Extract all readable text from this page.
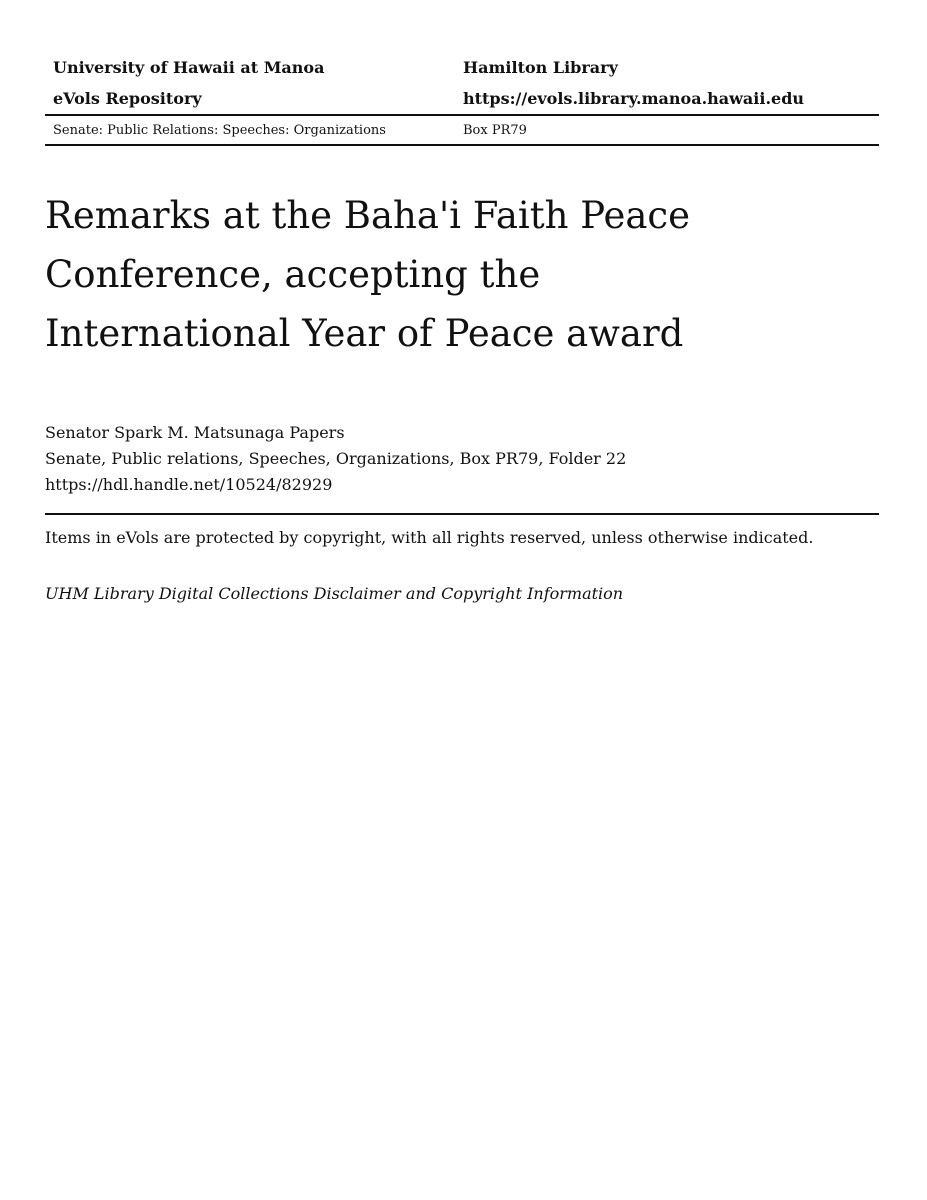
University of Hawaii at Manoa	Hamilton Library
eVols Repository	https://evols.library.manoa.hawaii.edu
Senate: Public Relations: Speeches: Organizations	Box PR79
Remarks at the Baha'i Faith Peace
Conference, accepting the
International Year of Peace award
Senator Spark M. Matsunaga Papers
Senate, Public relations, Speeches, Organizations, Box PR79, Folder 22
https://hdl.handle.net/10524/82929
Items in eVols are protected by copyright, with all rights reserved, unless otherwise indicated.
UHM Library Digital Collections Disclaimer and Copyright Information
